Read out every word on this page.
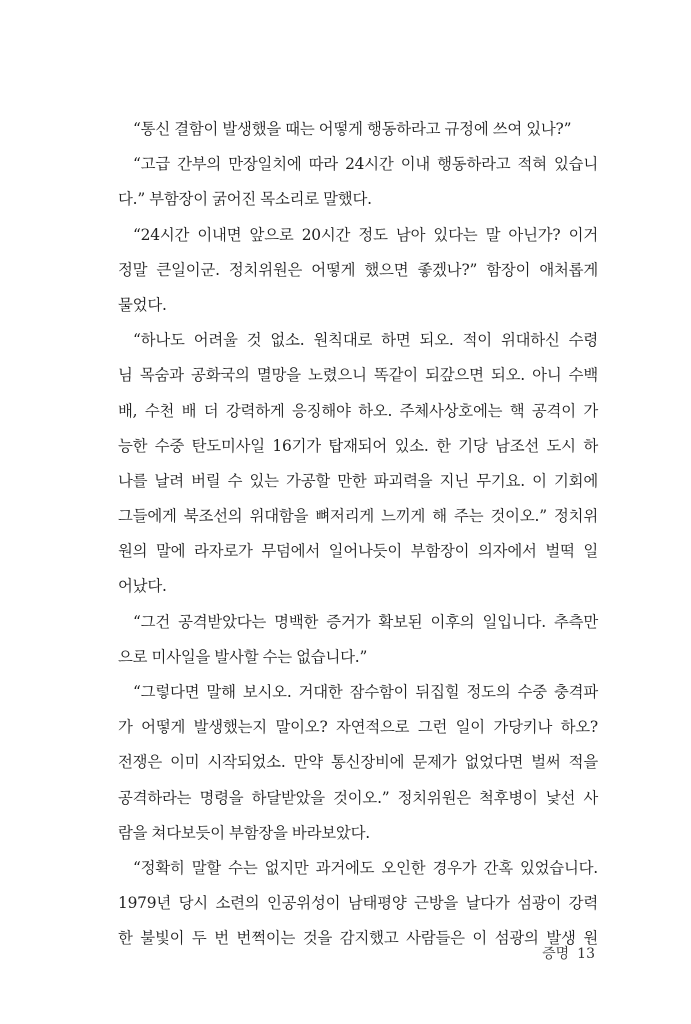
“통신 결함이 발생했을 때는 어떻게 행동하라고 규정에 쓰여 있나?”
“고급 간부의 만장일치에 따라 24시간 이내 행동하라고 적혀 있습니
다.” 부함장이 굵어진 목소리로 말했다.
“24시간 이내면 앞으로 20시간 정도 남아 있다는 말 아닌가? 이거
정말 큰일이군. 정치위원은 어떻게 했으면 좋겠나?” 함장이 애처롭게
물었다.
“하나도 어려울 것 없소. 원칙대로 하면 되오. 적이 위대하신 수령
님 목숨과 공화국의 멸망을 노렸으니 똑같이 되갚으면 되오. 아니 수백
배, 수천 배 더 강력하게 응징해야 하오. 주체사상호에는 핵 공격이 가
능한 수중 탄도미사일 16기가 탑재되어 있소. 한 기당 남조선 도시 하
나를 날려 버릴 수 있는 가공할 만한 파괴력을 지닌 무기요. 이 기회에
그들에게 북조선의 위대함을 뼈저리게 느끼게 해 주는 것이오.” 정치위
원의 말에 라자로가 무덤에서 일어나듯이 부함장이 의자에서 벌떡 일
어났다.
“그건 공격받았다는 명백한 증거가 확보된 이후의 일입니다. 추측만
으로 미사일을 발사할 수는 없습니다.”
“그렇다면 말해 보시오. 거대한 잠수함이 뒤집힐 정도의 수중 충격파
가 어떻게 발생했는지 말이오? 자연적으로 그런 일이 가당키나 하오?
전쟁은 이미 시작되었소. 만약 통신장비에 문제가 없었다면 벌써 적을
공격하라는 명령을 하달받았을 것이오.” 정치위원은 척후병이 낯선 사
람을 쳐다보듯이 부함장을 바라보았다.
“정확히 말할 수는 없지만 과거에도 오인한 경우가 간혹 있었습니다.
1979년 당시 소련의 인공위성이 남태평양 근방을 날다가 섬광이 강력
한 불빛이 두 번 번쩍이는 것을 감지했고 사람들은 이 섬광의 발생 원
증명 13
